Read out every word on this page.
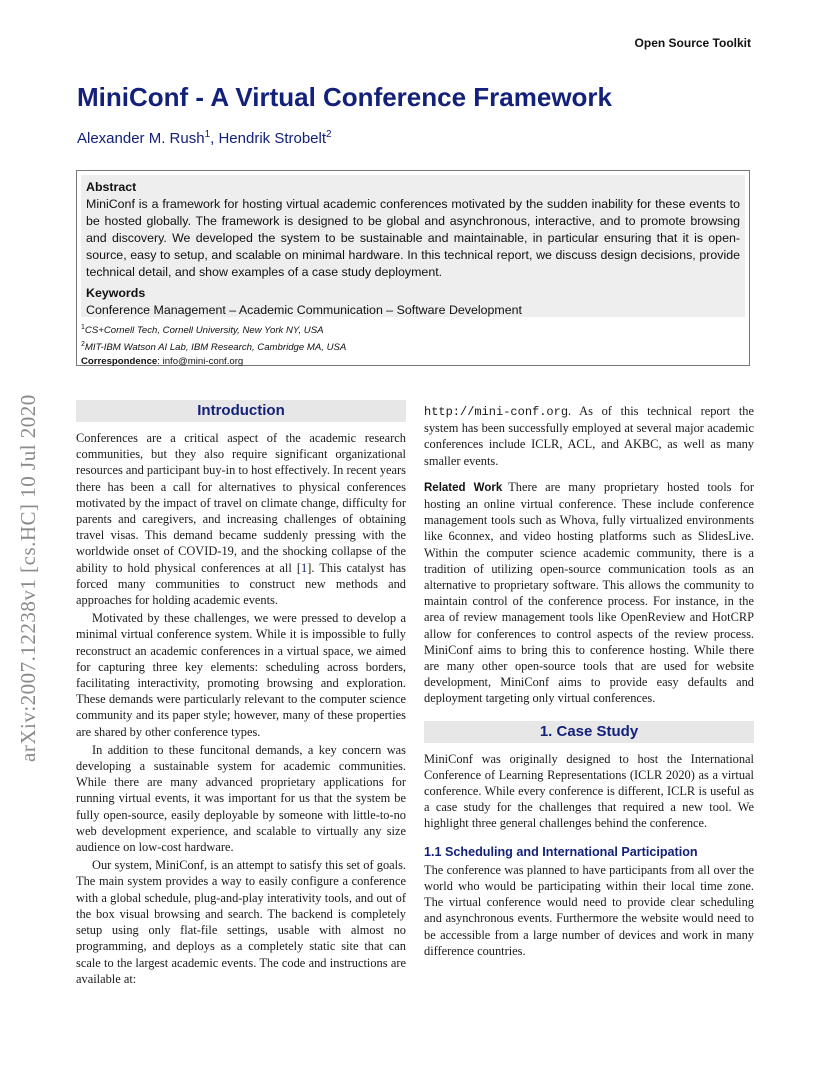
Open Source Toolkit
MiniConf - A Virtual Conference Framework
Alexander M. Rush$^1$, Hendrik Strobelt$^2$
Abstract

MiniConf is a framework for hosting virtual academic conferences motivated by the sudden inability for these events to be hosted globally. The framework is designed to be global and asynchronous, interactive, and to promote browsing and discovery. We developed the system to be sustainable and maintainable, in particular ensuring that it is open-source, easy to setup, and scalable on minimal hardware. In this technical report, we discuss design decisions, provide technical detail, and show examples of a case study deployment.

Keywords
Conference Management – Academic Communication – Software Development
$^1$CS+Cornell Tech, Cornell University, New York NY, USA
$^2$MIT-IBM Watson AI Lab, IBM Research, Cambridge MA, USA
Correspondence: info@mini-conf.org
arXiv:2007.12238v1 [cs.HC] 10 Jul 2020	Introduction

Conferences are a critical aspect of the academic research communities, but they also require significant organizational resources and participant buy-in to host effectively. In recent years there has been a call for alternatives to physical conferences motivated by the impact of travel on climate change, difficulty for parents and caregivers, and increasing challenges of obtaining travel visas. This demand became suddenly pressing with the worldwide onset of COVID-19, and the shocking collapse of the ability to hold physical conferences at all [1]. This catalyst has forced many communities to construct new methods and approaches for holding academic events.

Motivated by these challenges, we were pressed to develop a minimal virtual conference system. While it is impossible to fully reconstruct an academic conferences in a virtual space, we aimed for capturing three key elements: scheduling across borders, facilitating interactivity, promoting browsing and exploration. These demands were particularly relevant to the computer science community and its paper style; however, many of these properties are shared by other conference types.

In addition to these funcitonal demands, a key concern was developing a sustainable system for academic communities. While there are many advanced proprietary applications for running virtual events, it was important for us that the system be fully open-source, easily deployable by someone with little-to-no web development experience, and scalable to virtually any size audience on low-cost hardware.

Our system, MiniConf, is an attempt to satisfy this set of goals. The main system provides a way to easily configure a conference with a global schedule, plug-and-play interativity tools, and out of the box visual browsing and search. The backend is completely setup using only flat-file settings, usable with almost no programming, and deploys as a completely static site that can scale to the largest academic events. The code and instructions are available at:

http://mini-conf.org. As of this technical report the system has been successfully employed at several major academic conferences include ICLR, ACL, and AKBC, as well as many smaller events.

Related Work There are many proprietary hosted tools for hosting an online virtual conference. These include conference management tools such as Whova, fully virtualized environments like 6connex, and video hosting platforms such as SlidesLive. Within the computer science academic community, there is a tradition of utilizing open-source communication tools as an alternative to proprietary software. This allows the community to maintain control of the conference process. For instance, in the area of review management tools like OpenReview and HotCRP allow for conferences to control aspects of the review process. MiniConf aims to bring this to conference hosting. While there are many other open-source tools that are used for website development, MiniConf aims to provide easy defaults and deployment targeting only virtual conferences.

1. Case Study

MiniConf was originally designed to host the International Conference of Learning Representations (ICLR 2020) as a virtual conference. While every conference is different, ICLR is useful as a case study for the challenges that required a new tool. We highlight three general challenges behind the conference.

1.1 Scheduling and International Participation

The conference was planned to have participants from all over the world who would be participating within their local time zone. The virtual conference would need to provide clear scheduling and asynchronous events. Furthermore the website would need to be accessible from a large number of devices and work in many difference countries.
